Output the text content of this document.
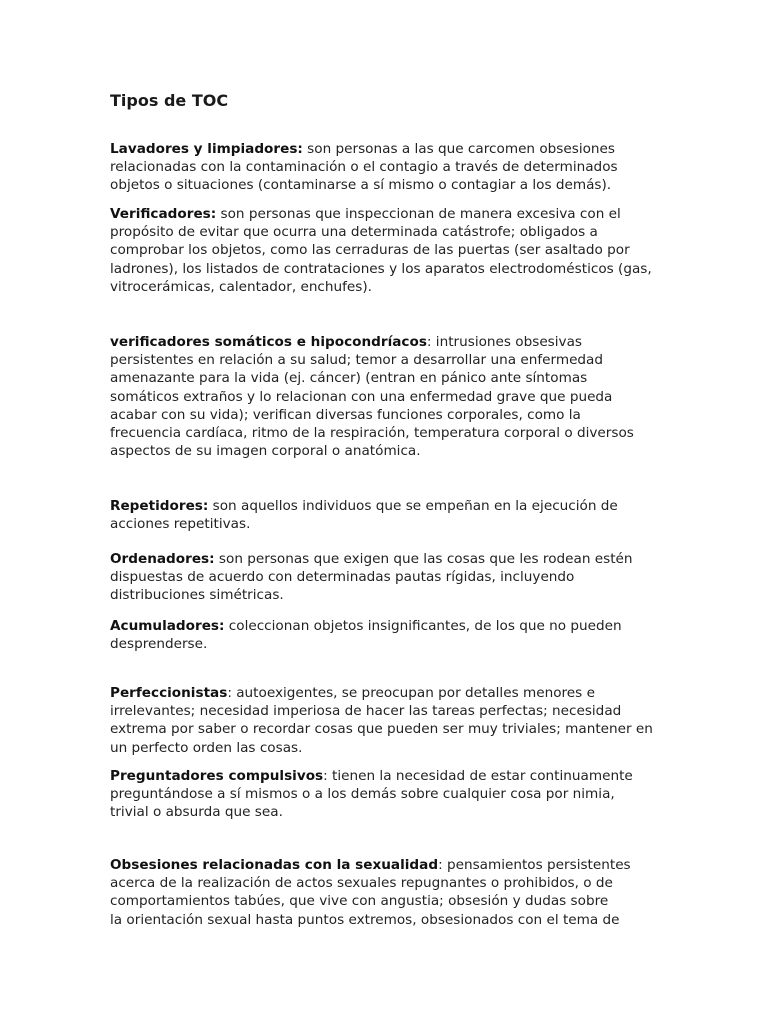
Tipos de TOC

Lavadores y limpiadores: son personas a las que carcomen obsesiones
relacionadas con la contaminación o el contagio a través de determinados
objetos o situaciones (contaminarse a sí mismo o contagiar a los demás).

Verificadores: son personas que inspeccionan de manera excesiva con el
propósito de evitar que ocurra una determinada catástrofe; obligados a
comprobar los objetos, como las cerraduras de las puertas (ser asaltado por
ladrones), los listados de contrataciones y los aparatos electrodomésticos (gas,
vitrocerámicas, calentador, enchufes).

verificadores somáticos e hipocondríacos: intrusiones obsesivas
persistentes en relación a su salud; temor a desarrollar una enfermedad
amenazante para la vida (ej. cáncer) (entran en pánico ante síntomas
somáticos extraños y lo relacionan con una enfermedad grave que pueda
acabar con su vida); verifican diversas funciones corporales, como la
frecuencia cardíaca, ritmo de la respiración, temperatura corporal o diversos
aspectos de su imagen corporal o anatómica.

Repetidores: son aquellos individuos que se empeñan en la ejecución de
acciones repetitivas.

Ordenadores: son personas que exigen que las cosas que les rodean estén
dispuestas de acuerdo con determinadas pautas rígidas, incluyendo
distribuciones simétricas.

Acumuladores: coleccionan objetos insignificantes, de los que no pueden
desprenderse.

Perfeccionistas: autoexigentes, se preocupan por detalles menores e
irrelevantes; necesidad imperiosa de hacer las tareas perfectas; necesidad
extrema por saber o recordar cosas que pueden ser muy triviales; mantener en
un perfecto orden las cosas.

Preguntadores compulsivos: tienen la necesidad de estar continuamente
preguntándose a sí mismos o a los demás sobre cualquier cosa por nimia,
trivial o absurda que sea.

Obsesiones relacionadas con la sexualidad: pensamientos persistentes
acerca de la realización de actos sexuales repugnantes o prohibidos, o de
comportamientos tabúes, que vive con angustia; obsesión y dudas sobre
la orientación sexual hasta puntos extremos, obsesionados con el tema de
